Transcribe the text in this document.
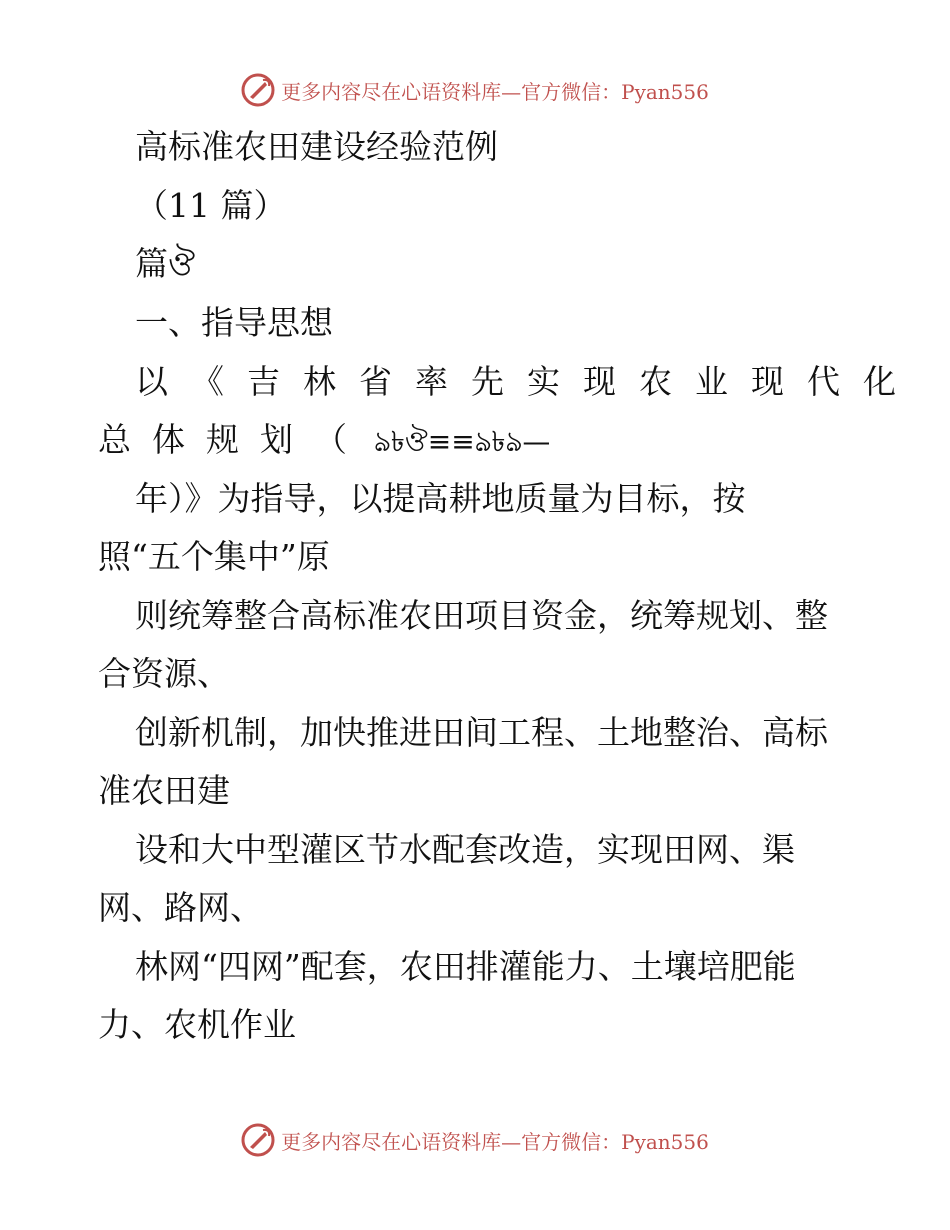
更多内容尽在心语资料库—官方微信：Pyan556
高标准农田建设经验范例
（11 篇）
篇ঔ
一、指导思想
以《吉林省率先实现农业现代化
总体规划（ ঌ৳ঔ≡≡ঌ৳ঌ—
年）》为指导，以提高耕地质量为目标，按
照“五个集中”原
则统筹整合高标准农田项目资金，统筹规划、整
合资源、
创新机制，加快推进田间工程、土地整治、高标
准农田建
设和大中型灌区节水配套改造，实现田网、渠
网、路网、
林网“四网”配套，农田排灌能力、土壤培肥能
力、农机作业
更多内容尽在心语资料库—官方微信：Pyan556
